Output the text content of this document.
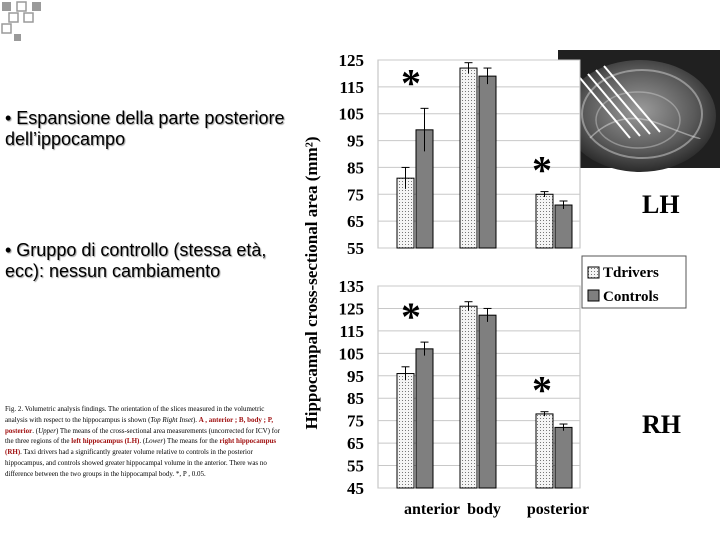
• Espansione della parte posteriore dell’ippocampo
• Gruppo di controllo (stessa età, ecc): nessun cambiamento
Fig. 2. Volumetric analysis findings. The orientation of the slices measured in the volumetric analysis with respect to the hippocampus is shown (Top Right Inset). A , anterior ; B, body ; P, posterior. (Upper) The means of the cross-sectional area measurements (uncorrected for ICV) for the three regions of the left hippocampus (LH). (Lower) The means for the right hippocampus (RH). Taxi drivers had a significantly greater volume relative to controls in the posterior hippocampus, and controls showed greater hippocampal volume in the anterior. There was no difference between the two groups in the hippocampal body. *, P , 0.05.
125
115
105
95
85
75
65
55
*
*
LH
135
125
115
105
95
85
75
65
55
45
*
*
RH
anterior body posterior
Hippocampal cross-sectional area (mm²)	Tdrivers
Controls
